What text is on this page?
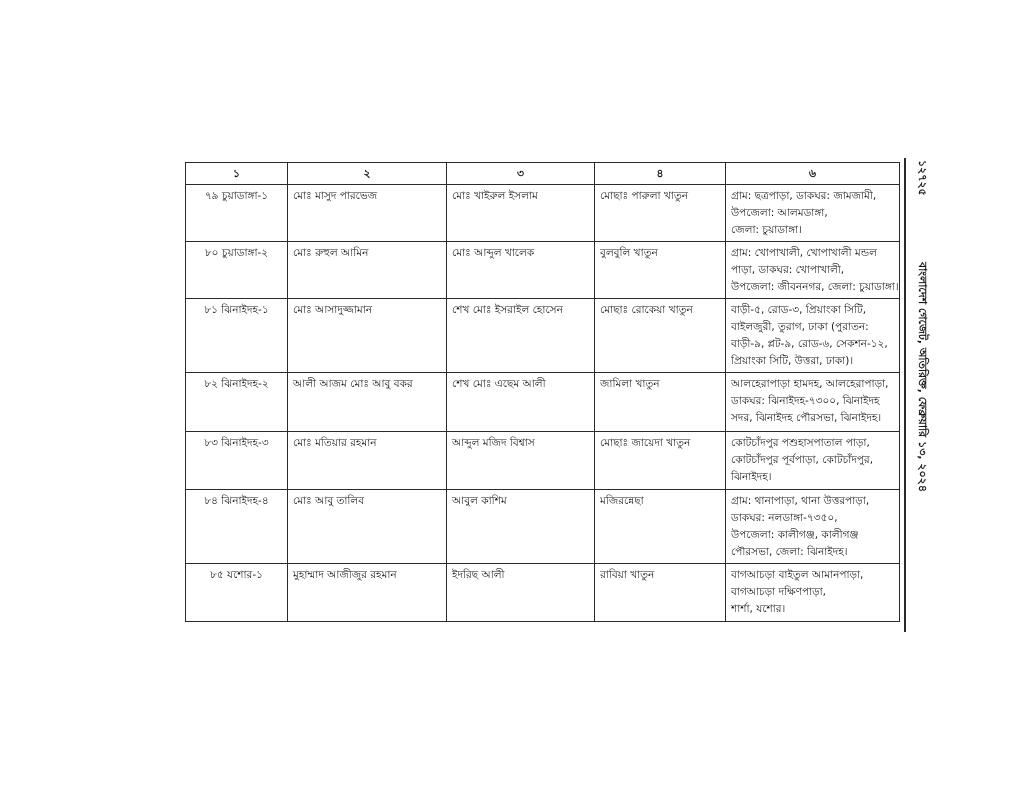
১২৭২৫
বাংলাদেশ গেজেট, অতিরিক্ত, ফেব্রুয়ারি ১৩, ২০২৪
১	২	৩	৪	৬
৭৯ চুয়াডাঙ্গা-১	মোঃ মাসুদ পারভেজ	মোঃ খাইরুল ইসলাম	মোছাঃ পারুলা খাতুন	গ্রাম: ছত্রপাড়া, ডাকঘর: জামজামী,
উপজেলা: আলমডাঙ্গা,
জেলা: চুয়াডাঙ্গা।

৮০ চুয়াডাঙ্গা-২	মোঃ রুহুল আমিন	মোঃ আব্দুল খালেক	বুলবুলি খাতুন	গ্রাম: খোপাখালী, খোপাখালী মন্ডল
পাড়া, ডাকঘর: খোপাখালী,
উপজেলা: জীবননগর, জেলা: চুয়াডাঙ্গা।

৮১ ঝিনাইদহ-১	মোঃ আসাদুজ্জামান	শেখ মোঃ ইসরাইল হোসেন	মোছাঃ রোকেয়া খাতুন	বাড়ী-৫, রোড-৩, প্রিয়াংকা সিটি,
বাইলজুরী, তুরাগ, ঢাকা (পুরাতন:
বাড়ী-৯, প্লট-৯, রোড-৬, সেকশন-১২,
প্রিয়াংকা সিটি, উত্তরা, ঢাকা)।

৮২ ঝিনাইদহ-২	আলী আজম মোঃ আবু বকর	শেখ মোঃ এছেম আলী	জামিলা খাতুন	আলহেরাপাড়া হামদহ, আলহেরাপাড়া,
ডাকঘর: ঝিনাইদহ-৭৩০০, ঝিনাইদহ
সদর, ঝিনাইদহ পৌরসভা, ঝিনাইদহ।

৮৩ ঝিনাইদহ-৩	মোঃ মতিয়ার রহমান	আব্দুল মজিদ বিশ্বাস	মোছাঃ জায়েদা খাতুন	কোটচাঁদপুর পশুহাসপাতাল পাড়া,
কোটচাঁদপুর পূর্বপাড়া, কোটচাঁদপুর,
ঝিনাইদহ।

৮৪ ঝিনাইদহ-৪	মোঃ আবু তালিব	আবুল কাশিম	মজিরন্নেছা	গ্রাম: থানাপাড়া, থানা উত্তরপাড়া,
ডাকঘর: নলডাঙ্গা-৭৩৫০,
উপজেলা: কালীগঞ্জ, কালীগঞ্জ
পৌরসভা, জেলা: ঝিনাইদহ।

৮৫ যশোর-১	মুহাম্মাদ আজীজুর রহমান	ইদরিছ আলী	রাবিয়া খাতুন	বাগআচড়া বাইতুল আমানপাড়া,
বাগআচড়া দক্ষিণপাড়া,
শার্শা, যশোর।
